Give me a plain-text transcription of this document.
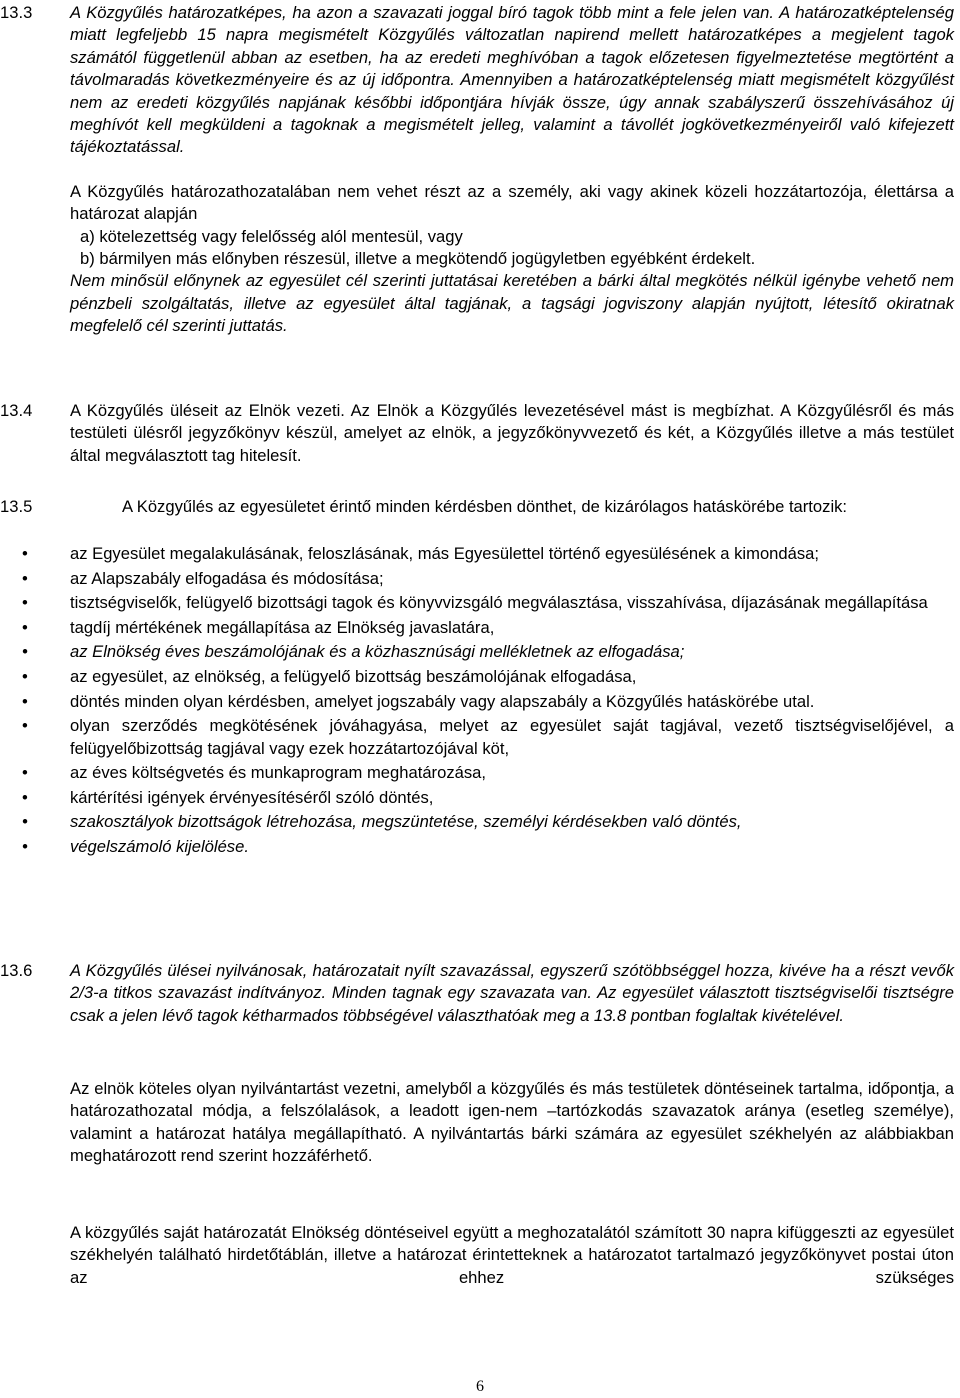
13.3 A Közgyűlés határozatképes, ha azon a szavazati joggal bíró tagok több mint a fele jelen van. A határozatképtelenség miatt legfeljebb 15 napra megismételt Közgyűlés változatlan napirend mellett határozatképes a megjelent tagok számától függetlenül abban az esetben, ha az eredeti meghívóban a tagok előzetesen figyelmeztetése megtörtént a távolmaradás következményeire és az új időpontra. Amennyiben a határozatképtelenség miatt megismételt közgyűlést nem az eredeti közgyűlés napjának későbbi időpontjára hívják össze, úgy annak szabályszerű összehívásához új meghívót kell megküldeni a tagoknak a megismételt jelleg, valamint a távollét jogkövetkezményeiről való kifejezett tájékoztatással.

A Közgyűlés határozathozatalában nem vehet részt az a személy, aki vagy akinek közeli hozzátartozója, élettársa a határozat alapján

a) kötelezettség vagy felelősség alól mentesül, vagy

b) bármilyen más előnyben részesül, illetve a megkötendő jogügyletben egyébként érdekelt.

Nem minősül előnynek az egyesület cél szerinti juttatásai keretében a bárki által megkötés nélkül igénybe vehető nem pénzbeli szolgáltatás, illetve az egyesület által tagjának, a tagsági jogviszony alapján nyújtott, létesítő okiratnak megfelelő cél szerinti juttatás.

13.4 A Közgyűlés üléseit az Elnök vezeti. Az Elnök a Közgyűlés levezetésével mást is megbízhat. A Közgyűlésről és más testületi ülésről jegyzőkönyv készül, amelyet az elnök, a jegyzőkönyvvezető és két, a Közgyűlés illetve a más testület által megválasztott tag hitelesít.

13.5	A Közgyűlés az egyesületet érintő minden kérdésben dönthet, de kizárólagos hatáskörébe tartozik:

•	az Egyesület megalakulásának, feloszlásának, más Egyesülettel történő egyesülésének a kimondása;
•	az Alapszabály elfogadása és módosítása;
•	tisztségviselők, felügyelő bizottsági tagok és könyvvizsgáló megválasztása, visszahívása, díjazásának megállapítása
•	tagdíj mértékének megállapítása az Elnökség javaslatára,
•	az Elnökség éves beszámolójának és a közhasznúsági mellékletnek az elfogadása;
•	az egyesület, az elnökség, a felügyelő bizottság beszámolójának elfogadása,
•	döntés minden olyan kérdésben, amelyet jogszabály vagy alapszabály a Közgyűlés hatáskörébe utal.
•	olyan szerződés megkötésének jóváhagyása, melyet az egyesület saját tagjával, vezető tisztségviselőjével, a felügyelőbizottság tagjával vagy ezek hozzátartozójával köt,
•	az éves költségvetés és munkaprogram meghatározása,
•	kártérítési igények érvényesítéséről szóló döntés,
•	szakosztályok bizottságok létrehozása, megszüntetése, személyi kérdésekben való döntés,
•	végelszámoló kijelölése.
13.6 A Közgyűlés ülései nyilvánosak, határozatait nyílt szavazással, egyszerű szótöbbséggel hozza, kivéve ha a részt vevők 2/3-a titkos szavazást indítványoz. Minden tagnak egy szavazata van. Az egyesület választott tisztségviselői tisztségre csak a jelen lévő tagok kétharmados többségével választhatóak meg a 13.8 pontban foglaltak kivételével.

Az elnök köteles olyan nyilvántartást vezetni, amelyből a közgyűlés és más testületek döntéseinek tartalma, időpontja, a határozathozatal módja, a felszólalások, a leadott igen-nem –tartózkodás szavazatok aránya (esetleg személye), valamint a határozat hatálya megállapítható. A nyilvántartás bárki számára az egyesület székhelyén az alábbiakban meghatározott rend szerint hozzáférhető.

A közgyűlés saját határozatát Elnökség döntéseivel együtt a meghozatalától számított 30 napra kifüggeszti az egyesület székhelyén található hirdetőtáblán, illetve a határozat érintetteknek a határozatot tartalmazó jegyzőkönyvet postai úton az ehhez szükséges

6
